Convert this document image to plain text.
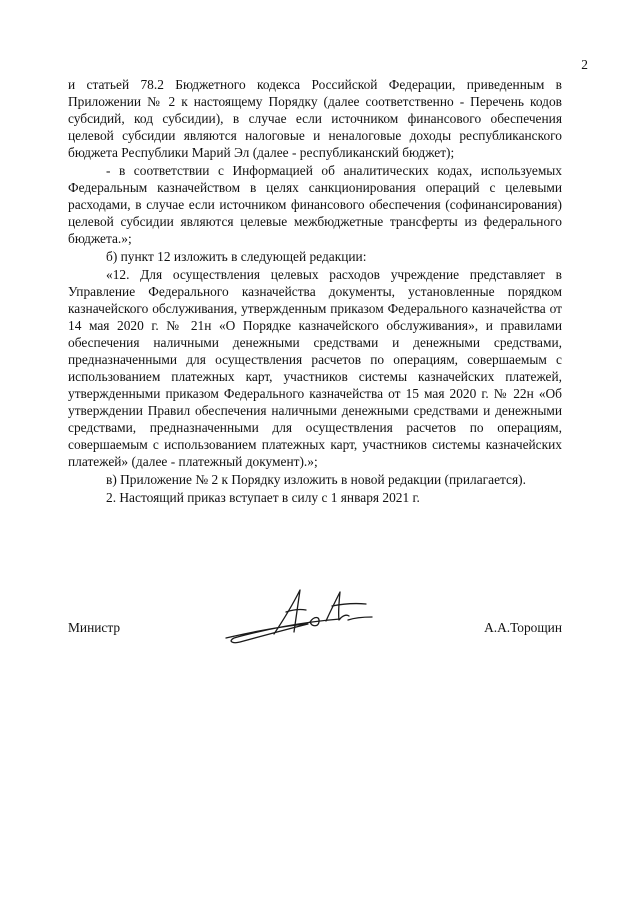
2

и статьей 78.2 Бюджетного кодекса Российской Федерации, приведенным в Приложении № 2 к настоящему Порядку (далее соответственно - Перечень кодов субсидий, код субсидии), в случае если источником финансового обеспечения целевой субсидии являются налоговые и неналоговые доходы республиканского бюджета Республики Марий Эл (далее - республиканский бюджет);

- в соответствии с Информацией об аналитических кодах, используемых Федеральным казначейством в целях санкционирования операций с целевыми расходами, в случае если источником финансового обеспечения (софинансирования) целевой субсидии являются целевые межбюджетные трансферты из федерального бюджета.»;

б) пункт 12 изложить в следующей редакции:

«12. Для осуществления целевых расходов учреждение представляет в Управление Федерального казначейства документы, установленные порядком казначейского обслуживания, утвержденным приказом Федерального казначейства от 14 мая 2020 г. № 21н «О Порядке казначейского обслуживания», и правилами обеспечения наличными денежными средствами и денежными средствами, предназначенными для осуществления расчетов по операциям, совершаемым с использованием платежных карт, участников системы казначейских платежей, утвержденными приказом Федерального казначейства от 15 мая 2020 г. № 22н «Об утверждении Правил обеспечения наличными денежными средствами и денежными средствами, предназначенными для осуществления расчетов по операциям, совершаемым с использованием платежных карт, участников системы казначейских платежей» (далее - платежный документ).»;

в) Приложение № 2 к Порядку изложить в новой редакции (прилагается).

2. Настоящий приказ вступает в силу с 1 января 2021 г.

Министр	А.А.Торощин
